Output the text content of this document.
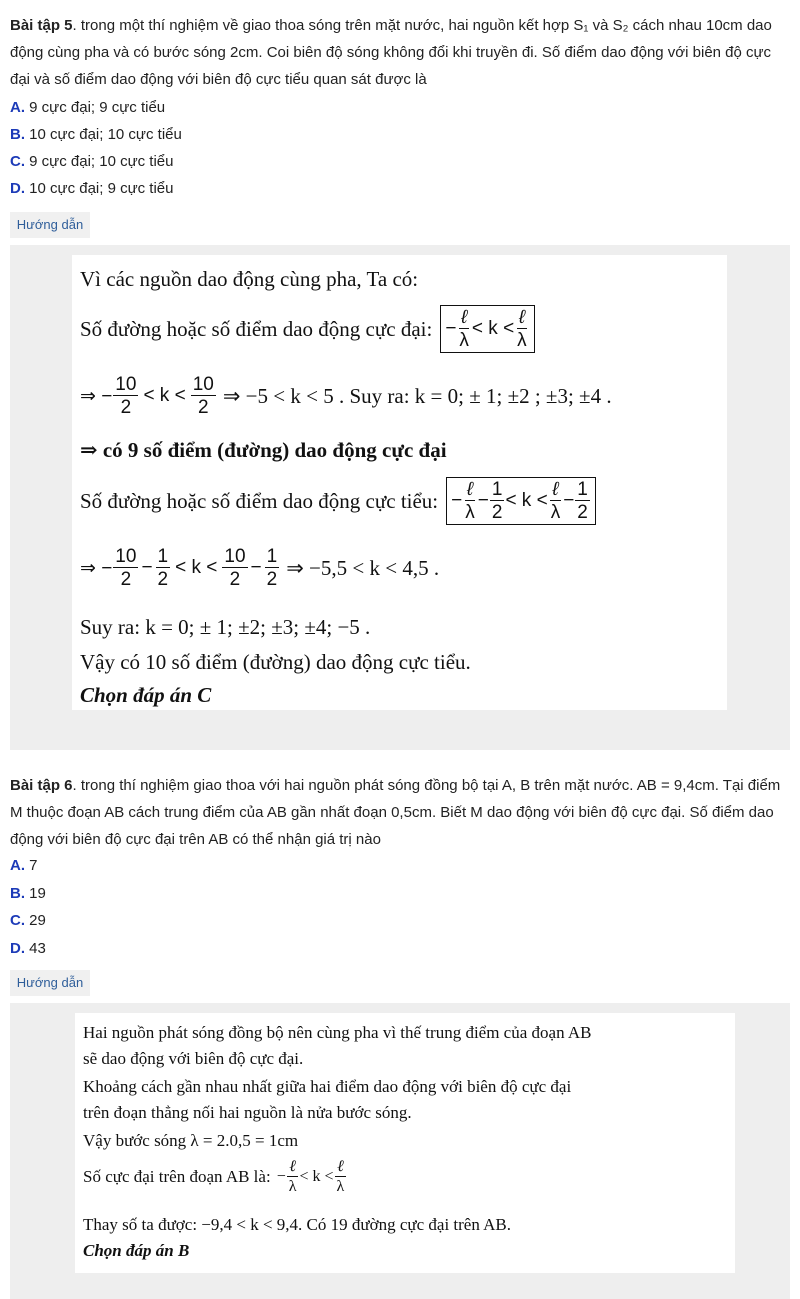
Bài tập 5. trong một thí nghiệm về giao thoa sóng trên mặt nước, hai nguồn kết hợp S₁ và S₂ cách nhau 10cm dao động cùng pha và có bước sóng 2cm. Coi biên độ sóng không đổi khi truyền đi. Số điểm dao động với biên độ cực đại và số điểm dao động với biên độ cực tiểu quan sát được là
A. 9 cực đại; 9 cực tiểu
B. 10 cực đại; 10 cực tiểu
C. 9 cực đại; 10 cực tiểu
D. 10 cực đại; 9 cực tiểu
Hướng dẫn
Vì các nguồn dao động cùng pha, Ta có:
Số đường hoặc số điểm dao động cực đại: − $\frac{\text{ℓ}}{\lambda} < k < \frac{\text{ℓ}}{\lambda}$
⇒ − $\frac{10}{2} < k < \frac{10}{2}$ ⇒ −5 < k < 5 . Suy ra: k = 0; ± 1; ±2 ; ±3; ±4 .
⇒ có 9 số điểm (đường) dao động cực đại
Số đường hoặc số điểm dao động cực tiểu: − $\frac{\text{ℓ}}{\lambda} - \frac{1}{2} < k < \frac{\text{ℓ}}{\lambda} - \frac{1}{2}$
⇒ − $\frac{10}{2} - \frac{1}{2} < k < \frac{10}{2} - \frac{1}{2}$ ⇒ −5,5 < k < 4,5 .
Suy ra: k = 0; ± 1; ±2; ±3; ±4; −5 .
Vậy có 10 số điểm (đường) dao động cực tiểu.
Chọn đáp án C
Bài tập 6. trong thí nghiệm giao thoa với hai nguồn phát sóng đồng bộ tại A, B trên mặt nước. AB = 9,4cm. Tại điểm M thuộc đoạn AB cách trung điểm của AB gần nhất đoạn 0,5cm. Biết M dao động với biên độ cực đại. Số điểm dao động với biên độ cực đại trên AB có thể nhận giá trị nào
A. 7
B. 19
C. 29
D. 43
Hướng dẫn
Hai nguồn phát sóng đồng bộ nên cùng pha vì thế trung điểm của đoạn AB
sẽ dao động với biên độ cực đại.
Khoảng cách gần nhau nhất giữa hai điểm dao động với biên độ cực đại
trên đoạn thẳng nối hai nguồn là nửa bước sóng.
Vậy bước sóng λ = 2.0,5 = 1cm
Số cực đại trên đoạn AB là: − $\frac{\text{ℓ}}{\lambda} < k < \frac{\text{ℓ}}{\lambda}$
Thay số ta được: −9,4 < k < 9,4. Có 19 đường cực đại trên AB.
Chọn đáp án B
